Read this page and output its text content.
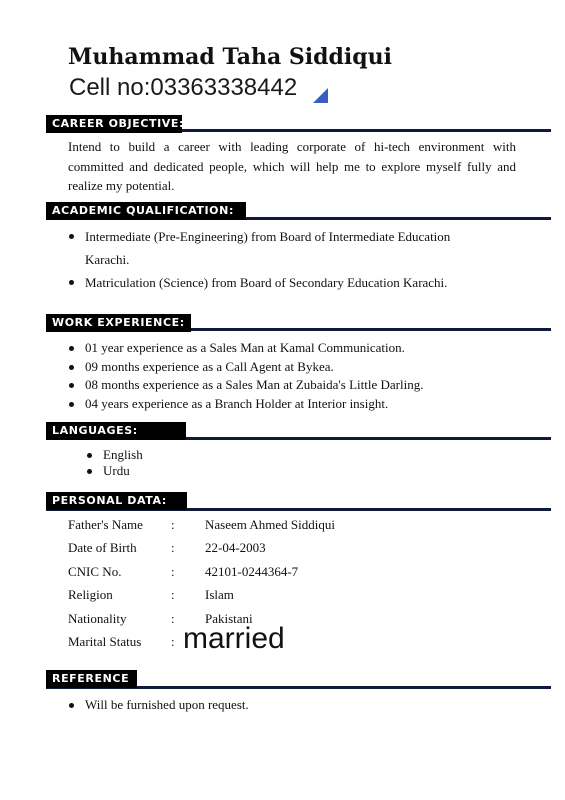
Muhammad Taha Siddiqui
Cell no:03363338442
CAREER OBJECTIVE:

Intend to build a career with leading corporate of hi-tech environment with committed and dedicated people, which will help me to explore myself fully and realize my potential.

ACADEMIC QUALIFICATION:
Intermediate (Pre-Engineering) from Board of Intermediate Education
Karachi.
Matriculation (Science) from Board of Secondary Education Karachi.
WORK EXPERIENCE:
01 year experience as a Sales Man at Kamal Communication.
09 months experience as a Call Agent at Bykea.
08 months experience as a Sales Man at Zubaida's Little Darling.
04 years experience as a Branch Holder at Interior insight.
LANGUAGES:
English
Urdu
PERSONAL DATA:
Father's Name : Naseem Ahmed Siddiqui
Date of Birth	: 22-04-2003
CNIC No.	: 42101-0244364-7
Religion	: Islam
Nationality	: Pakistani
Marital Status : married
REFERENCE
Will be furnished upon request.
